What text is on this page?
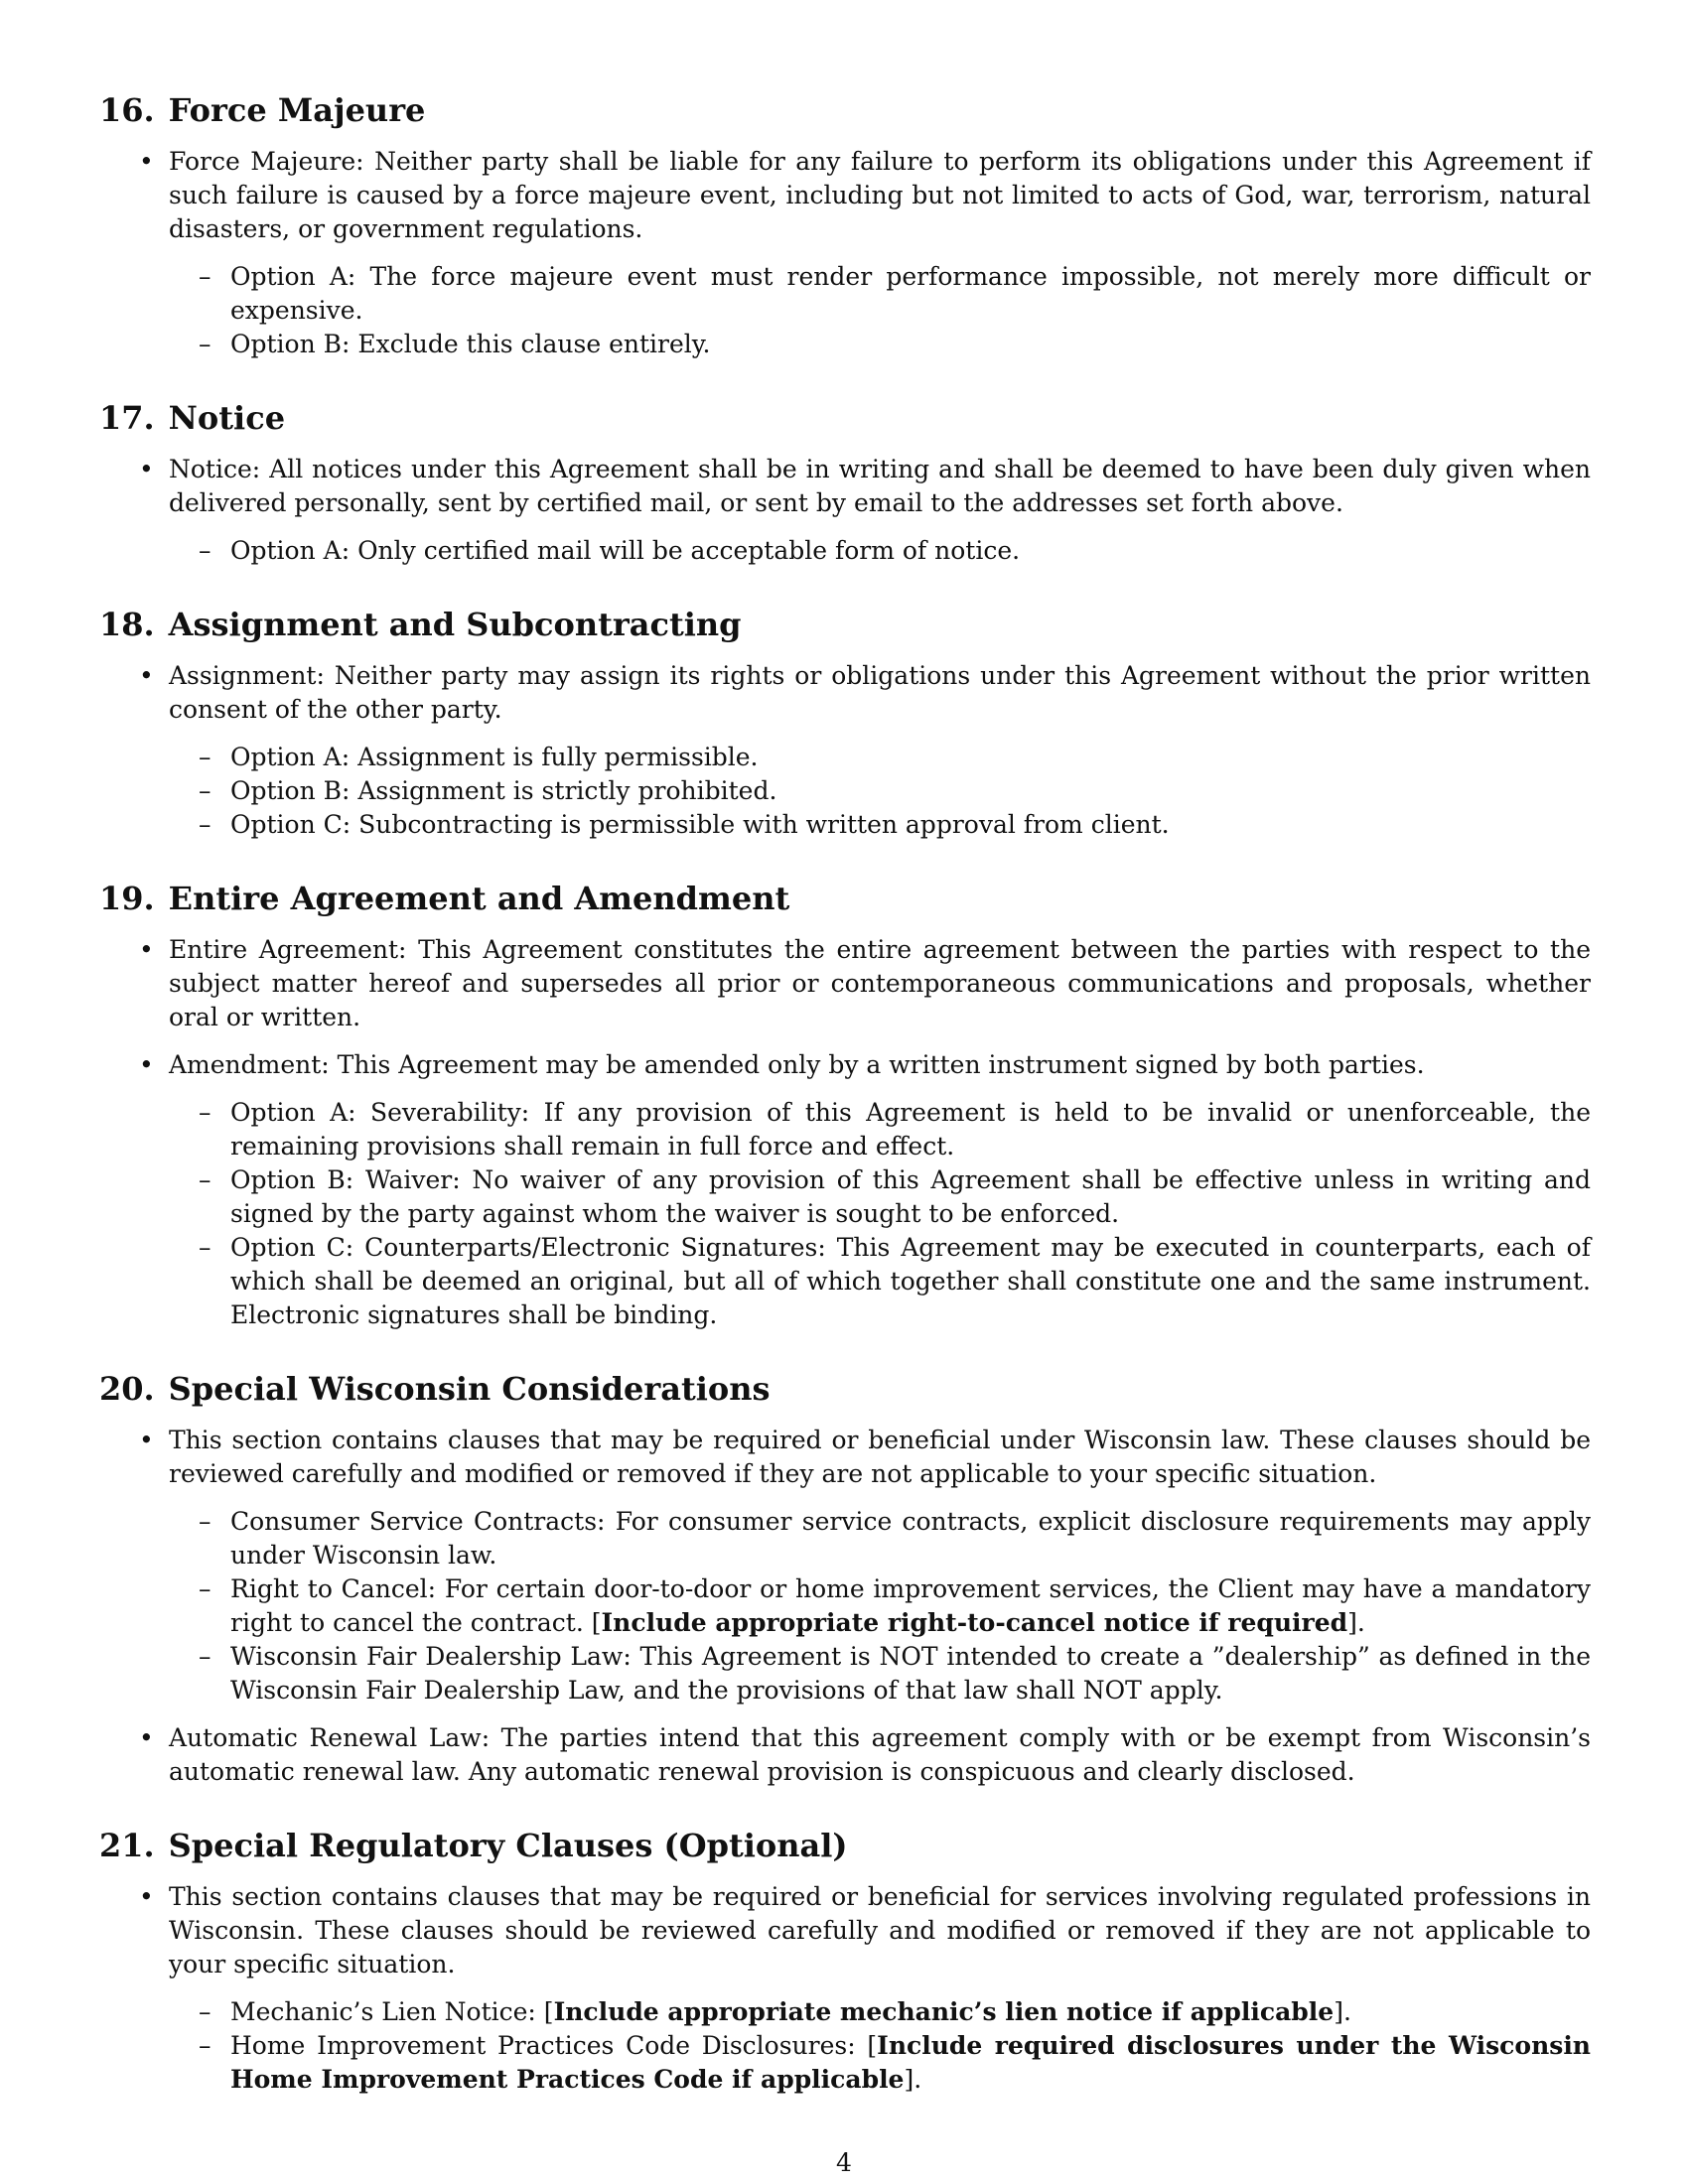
16. Force Majeure
• Force Majeure: Neither party shall be liable for any failure to perform its obligations under this Agreement if such failure is caused by a force majeure event, including but not limited to acts of God, war, terrorism, natural disasters, or government regulations.
– Option A: The force majeure event must render performance impossible, not merely more difficult or expensive.
– Option B: Exclude this clause entirely.
17. Notice
• Notice: All notices under this Agreement shall be in writing and shall be deemed to have been duly given when delivered personally, sent by certified mail, or sent by email to the addresses set forth above.
– Option A: Only certified mail will be acceptable form of notice.
18. Assignment and Subcontracting
• Assignment: Neither party may assign its rights or obligations under this Agreement without the prior written consent of the other party.
– Option A: Assignment is fully permissible.
– Option B: Assignment is strictly prohibited.
– Option C: Subcontracting is permissible with written approval from client.
19. Entire Agreement and Amendment
• Entire Agreement: This Agreement constitutes the entire agreement between the parties with respect to the subject matter hereof and supersedes all prior or contemporaneous communications and proposals, whether oral or written.
• Amendment: This Agreement may be amended only by a written instrument signed by both parties.
– Option A: Severability: If any provision of this Agreement is held to be invalid or unenforceable, the remaining provisions shall remain in full force and effect.
– Option B: Waiver: No waiver of any provision of this Agreement shall be effective unless in writing and signed by the party against whom the waiver is sought to be enforced.
– Option C: Counterparts/Electronic Signatures: This Agreement may be executed in counterparts, each of which shall be deemed an original, but all of which together shall constitute one and the same instrument. Electronic signatures shall be binding.
20. Special Wisconsin Considerations
• This section contains clauses that may be required or beneficial under Wisconsin law. These clauses should be reviewed carefully and modified or removed if they are not applicable to your specific situation.
– Consumer Service Contracts: For consumer service contracts, explicit disclosure requirements may apply under Wisconsin law.
– Right to Cancel: For certain door-to-door or home improvement services, the Client may have a mandatory right to cancel the contract. [Include appropriate right-to-cancel notice if required].
– Wisconsin Fair Dealership Law: This Agreement is NOT intended to create a ”dealership” as defined in the Wisconsin Fair Dealership Law, and the provisions of that law shall NOT apply.
• Automatic Renewal Law: The parties intend that this agreement comply with or be exempt from Wisconsin’s automatic renewal law. Any automatic renewal provision is conspicuous and clearly disclosed.
21. Special Regulatory Clauses (Optional)
• This section contains clauses that may be required or beneficial for services involving regulated professions in Wisconsin. These clauses should be reviewed carefully and modified or removed if they are not applicable to your specific situation.
– Mechanic’s Lien Notice: [Include appropriate mechanic’s lien notice if applicable].
– Home Improvement Practices Code Disclosures: [Include required disclosures under the Wisconsin Home Improvement Practices Code if applicable].
4
